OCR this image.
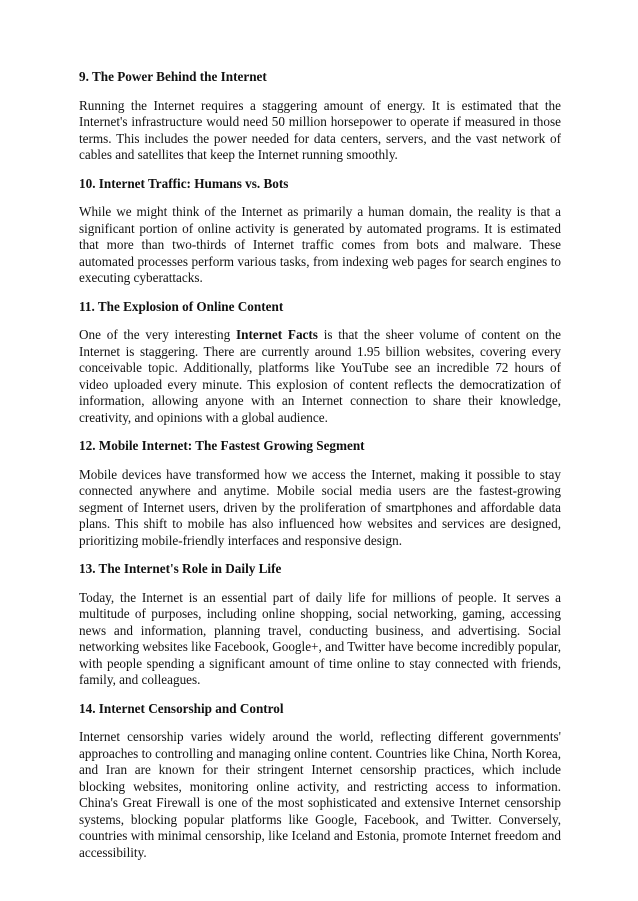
9. The Power Behind the Internet

Running the Internet requires a staggering amount of energy. It is estimated that the Internet's infrastructure would need 50 million horsepower to operate if measured in those terms. This includes the power needed for data centers, servers, and the vast network of cables and satellites that keep the Internet running smoothly.

10. Internet Traffic: Humans vs. Bots

While we might think of the Internet as primarily a human domain, the reality is that a significant portion of online activity is generated by automated programs. It is estimated that more than two-thirds of Internet traffic comes from bots and malware. These automated processes perform various tasks, from indexing web pages for search engines to executing cyberattacks.

11. The Explosion of Online Content

One of the very interesting Internet Facts is that the sheer volume of content on the Internet is staggering. There are currently around 1.95 billion websites, covering every conceivable topic. Additionally, platforms like YouTube see an incredible 72 hours of video uploaded every minute. This explosion of content reflects the democratization of information, allowing anyone with an Internet connection to share their knowledge, creativity, and opinions with a global audience.

12. Mobile Internet: The Fastest Growing Segment

Mobile devices have transformed how we access the Internet, making it possible to stay connected anywhere and anytime. Mobile social media users are the fastest-growing segment of Internet users, driven by the proliferation of smartphones and affordable data plans. This shift to mobile has also influenced how websites and services are designed, prioritizing mobile-friendly interfaces and responsive design.

13. The Internet's Role in Daily Life

Today, the Internet is an essential part of daily life for millions of people. It serves a multitude of purposes, including online shopping, social networking, gaming, accessing news and information, planning travel, conducting business, and advertising. Social networking websites like Facebook, Google+, and Twitter have become incredibly popular, with people spending a significant amount of time online to stay connected with friends, family, and colleagues.

14. Internet Censorship and Control

Internet censorship varies widely around the world, reflecting different governments' approaches to controlling and managing online content. Countries like China, North Korea, and Iran are known for their stringent Internet censorship practices, which include blocking websites, monitoring online activity, and restricting access to information. China's Great Firewall is one of the most sophisticated and extensive Internet censorship systems, blocking popular platforms like Google, Facebook, and Twitter. Conversely, countries with minimal censorship, like Iceland and Estonia, promote Internet freedom and accessibility.
